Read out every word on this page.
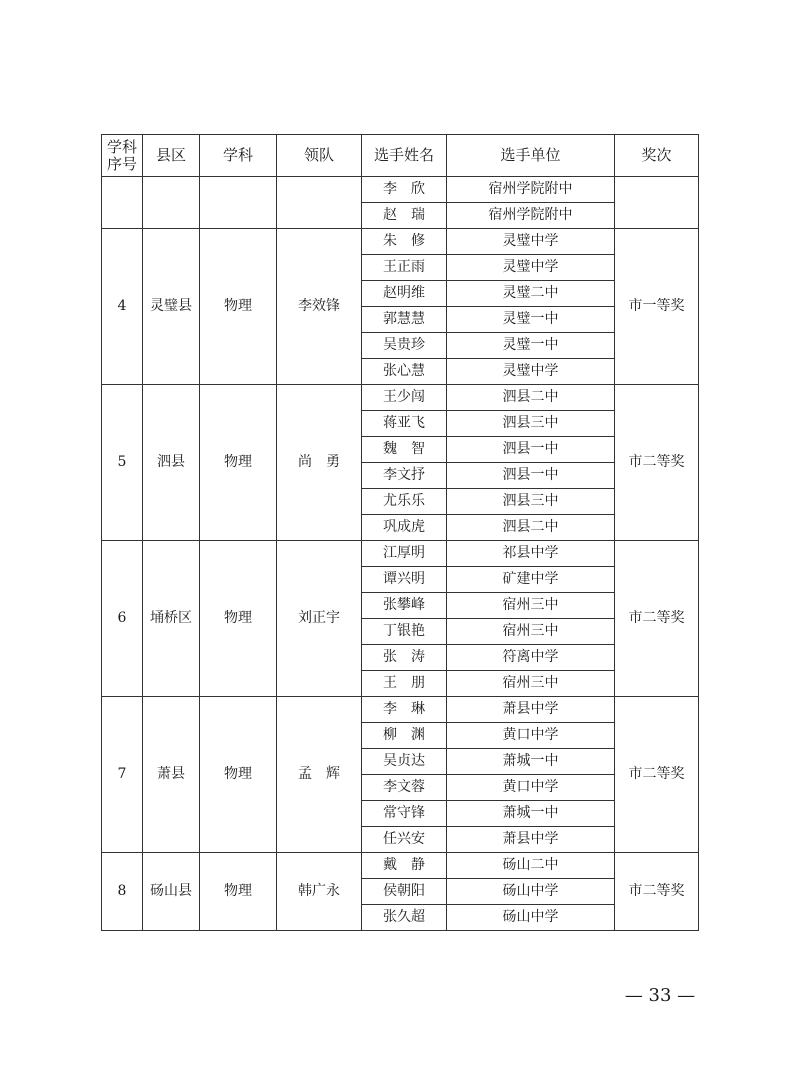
学科
序号	县区	学科	领队	选手姓名	选手单位	奖次
				李　欣	宿州学院附中	
				赵　瑞	宿州学院附中	
4	灵璧县	物理	李效锋	朱　修	灵璧中学	市一等奖
				王正雨	灵璧中学	
				赵明维	灵璧二中	
				郭慧慧	灵璧一中	
				吴贵珍	灵璧一中	
				张心慧	灵璧中学	
5	泗县	物理	尚　勇	王少闯	泗县二中	市二等奖
				蒋亚飞	泗县三中	
				魏　智	泗县一中	
				李文抒	泗县一中	
				尤乐乐	泗县三中	
				巩成虎	泗县二中	
6	埇桥区	物理	刘正宇	江厚明	祁县中学	市二等奖
				谭兴明	矿建中学	
				张攀峰	宿州三中	
				丁银艳	宿州三中	
				张　涛	符离中学	
				王　朋	宿州三中	
7	萧县	物理	孟　辉	李　琳	萧县中学	市二等奖
				柳　渊	黄口中学	
				吴贞达	萧城一中	
				李文蓉	黄口中学	
				常守锋	萧城一中	
				任兴安	萧县中学	
8	砀山县	物理	韩广永	戴　静	砀山二中	市二等奖
				侯朝阳	砀山中学	
				张久超	砀山中学	
— 33 —
